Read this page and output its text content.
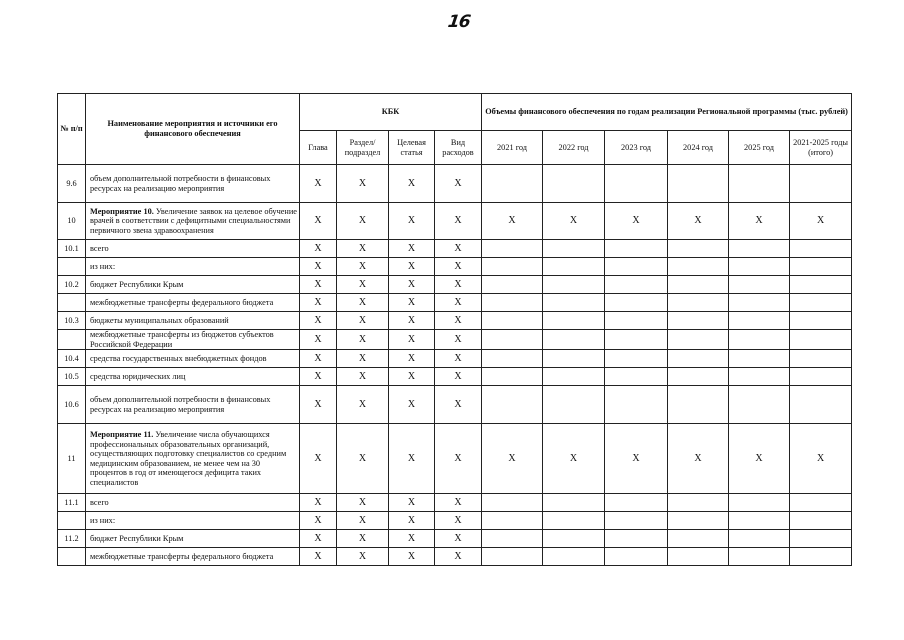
16
№ п/п	Наименование мероприятия и источники его финансового обеспечения	КБК				Объемы финансового обеспечения по годам реализации Региональной программы (тыс. рублей)					
		Глава	Раздел/ подраздел	Целевая статья	Вид расходов	2021 год	2022 год	2023 год	2024 год	2025 год	2021-2025 годы (итого)
9.6	объем дополнительной потребности в финансовых ресурсах на реализацию мероприятия	X	X	X	X						
10	Мероприятие 10. Увеличение заявок на целевое обучение врачей в соответствии с дефицитными специальностями первичного звена здравоохранения	X	X	X	X	X	X	X	X	X	X
10.1	всего	X	X	X	X						
	из них:	X	X	X	X						
10.2	бюджет Республики Крым	X	X	X	X						
	межбюджетные трансферты федерального бюджета	X	X	X	X						
10.3	бюджеты муниципальных образований	X	X	X	X						
	межбюджетные трансферты из бюджетов субъектов Российской Федерации	X	X	X	X						
10.4	средства государственных внебюджетных фондов	X	X	X	X						
10.5	средства юридических лиц	X	X	X	X						
10.6	объем дополнительной потребности в финансовых ресурсах на реализацию мероприятия	X	X	X	X						
11	Мероприятие 11. Увеличение числа обучающихся профессиональных образовательных организаций, осуществляющих подготовку специалистов со средним медицинским образованием, не менее чем на 30 процентов в год от имеющегося дефицита таких специалистов	X	X	X	X	X	X	X	X	X	X
11.1	всего	X	X	X	X						
	из них:	X	X	X	X						
11.2	бюджет Республики Крым	X	X	X	X						
	межбюджетные трансферты федерального бюджета	X	X	X	X						
